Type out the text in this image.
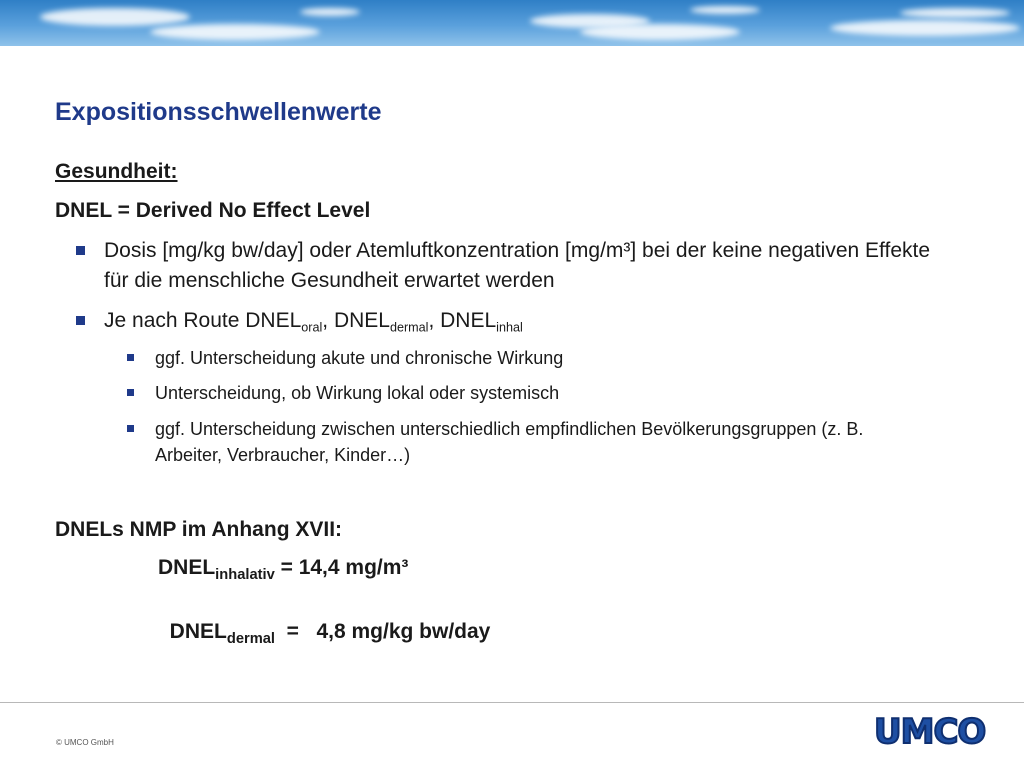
Expositionsschwellenwerte
Gesundheit:
DNEL = Derived No Effect Level
Dosis [mg/kg bw/day] oder Atemluftkonzentration [mg/m³] bei der keine negativen Effekte für die menschliche Gesundheit erwartet werden
Je nach Route $DNEL_{oral}$, $DNEL_{dermal}$, $DNEL_{inhal}$
ggf. Unterscheidung akute und chronische Wirkung
Unterscheidung, ob Wirkung lokal oder systemisch
ggf. Unterscheidung zwischen unterschiedlich empfindlichen Bevölkerungsgruppen (z. B. Arbeiter, Verbraucher, Kinder…)
DNELs NMP im Anhang XVII:
$DNEL_{inhalativ} = 14,4$ mg/m³

$DNEL_{dermal} = 4,8$ mg/kg bw/day

© UMCO GmbH	UMCO
